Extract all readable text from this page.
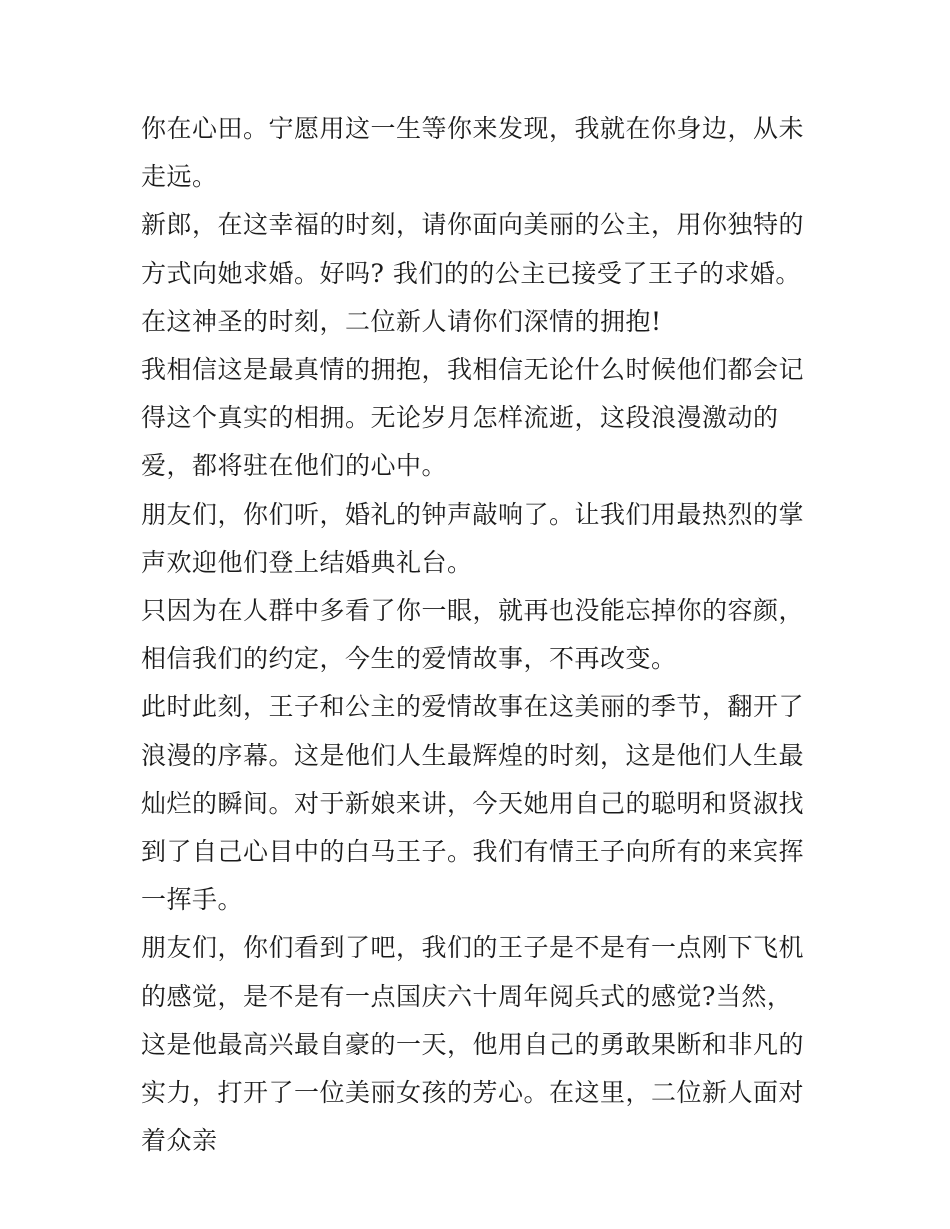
你在心田。宁愿用这一生等你来发现，我就在你身边，从未走远。

新郎，在这幸福的时刻，请你面向美丽的公主，用你独特的方式向她求婚。好吗? 我们的的公主已接受了王子的求婚。在这神圣的时刻，二位新人请你们深情的拥抱!

我相信这是最真情的拥抱，我相信无论什么时候他们都会记得这个真实的相拥。无论岁月怎样流逝，这段浪漫激动的爱，都将驻在他们的心中。

朋友们，你们听，婚礼的钟声敲响了。让我们用最热烈的掌声欢迎他们登上结婚典礼台。

只因为在人群中多看了你一眼，就再也没能忘掉你的容颜，相信我们的约定，今生的爱情故事，不再改变。

此时此刻，王子和公主的爱情故事在这美丽的季节，翻开了浪漫的序幕。这是他们人生最辉煌的时刻，这是他们人生最灿烂的瞬间。对于新娘来讲，今天她用自己的聪明和贤淑找到了自己心目中的白马王子。我们有情王子向所有的来宾挥一挥手。

朋友们，你们看到了吧，我们的王子是不是有一点刚下飞机的感觉，是不是有一点国庆六十周年阅兵式的感觉?当然，这是他最高兴最自豪的一天，他用自己的勇敢果断和非凡的实力，打开了一位美丽女孩的芳心。在这里，二位新人面对着众亲
